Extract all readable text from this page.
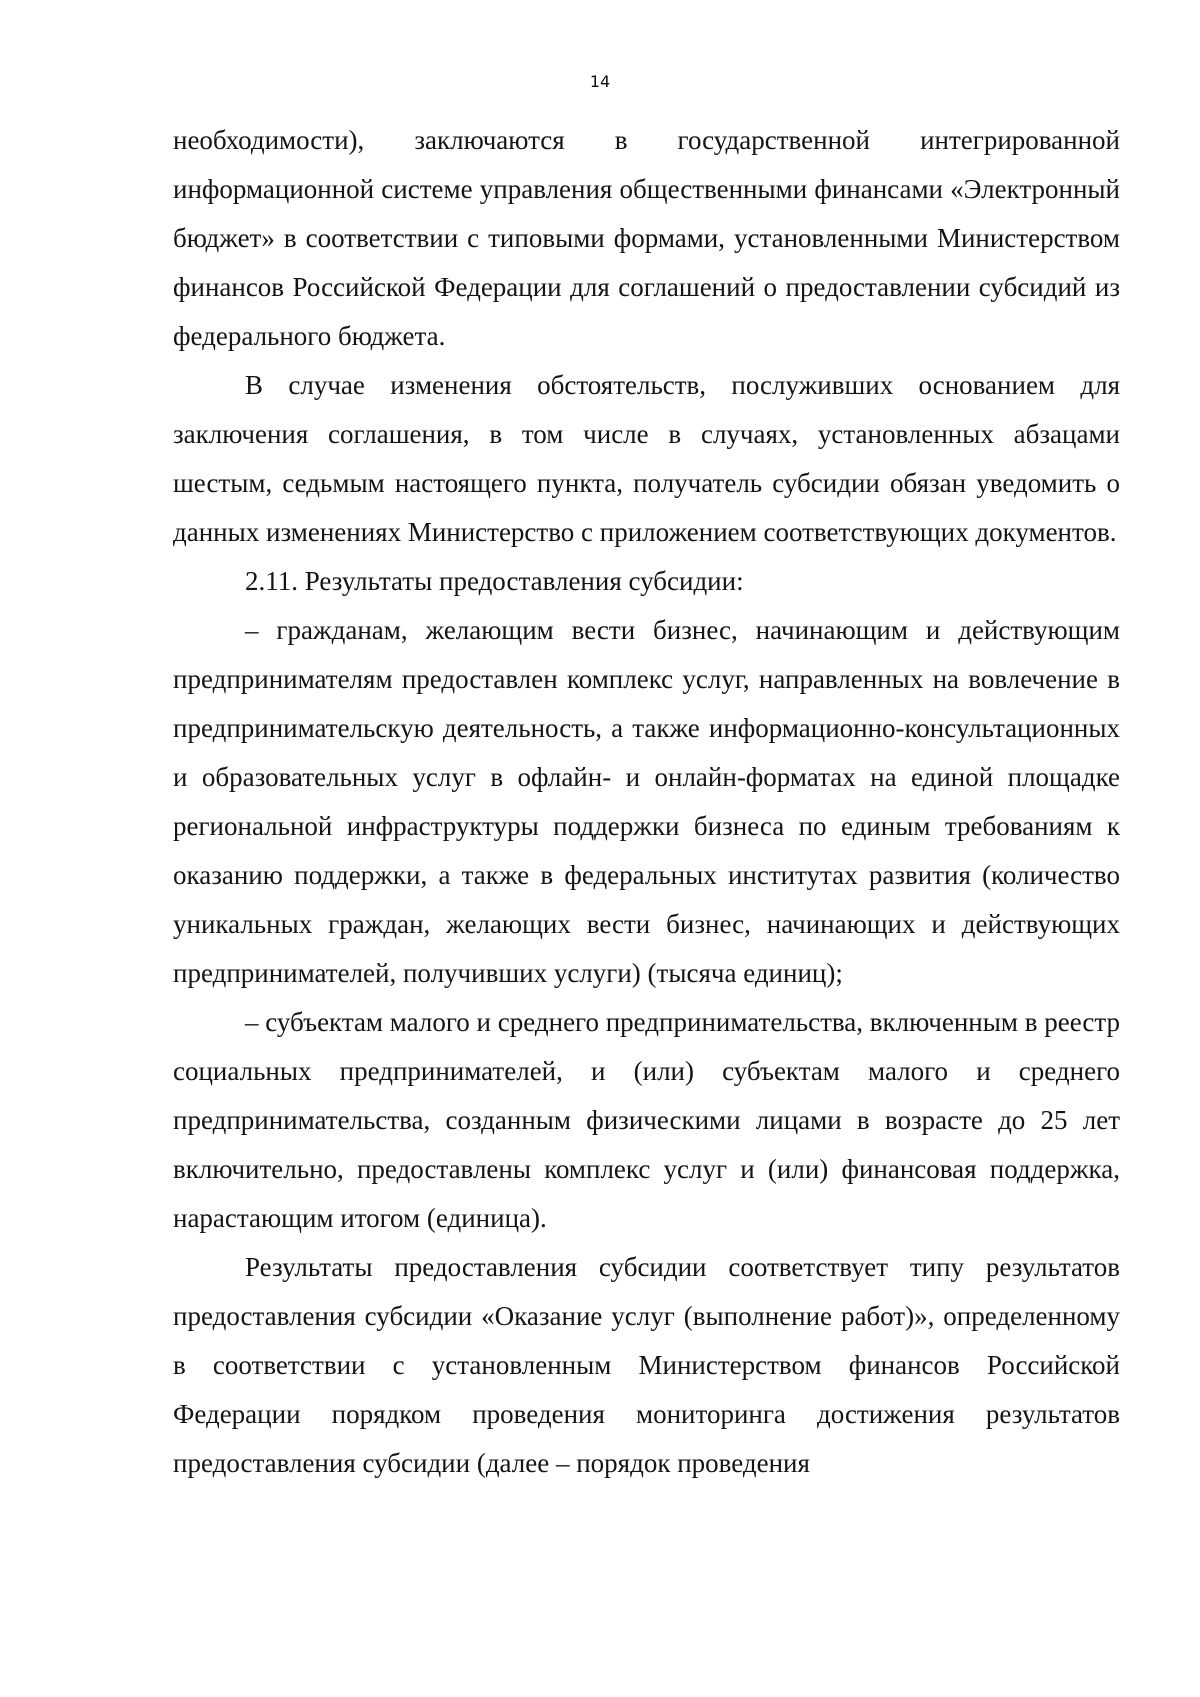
14

необходимости), заключаются в государственной интегрированной информационной системе управления общественными финансами «Электронный бюджет» в соответствии с типовыми формами, установленными Министерством финансов Российской Федерации для соглашений о предоставлении субсидий из федерального бюджета.

В случае изменения обстоятельств, послуживших основанием для заключения соглашения, в том числе в случаях, установленных абзацами шестым, седьмым настоящего пункта, получатель субсидии обязан уведомить о данных изменениях Министерство с приложением соответствующих документов.

2.11. Результаты предоставления субсидии:

– гражданам, желающим вести бизнес, начинающим и действующим предпринимателям предоставлен комплекс услуг, направленных на вовлечение в предпринимательскую деятельность, а также информационно-консультационных и образовательных услуг в офлайн- и онлайн-форматах на единой площадке региональной инфраструктуры поддержки бизнеса по единым требованиям к оказанию поддержки, а также в федеральных институтах развития (количество уникальных граждан, желающих вести бизнес, начинающих и действующих предпринимателей, получивших услуги) (тысяча единиц);

– субъектам малого и среднего предпринимательства, включенным в реестр социальных предпринимателей, и (или) субъектам малого и среднего предпринимательства, созданным физическими лицами в возрасте до 25 лет включительно, предоставлены комплекс услуг и (или) финансовая поддержка, нарастающим итогом (единица).

Результаты предоставления субсидии соответствует типу результатов предоставления субсидии «Оказание услуг (выполнение работ)», определенному в соответствии с установленным Министерством финансов Российской Федерации порядком проведения мониторинга достижения результатов предоставления субсидии (далее – порядок проведения
